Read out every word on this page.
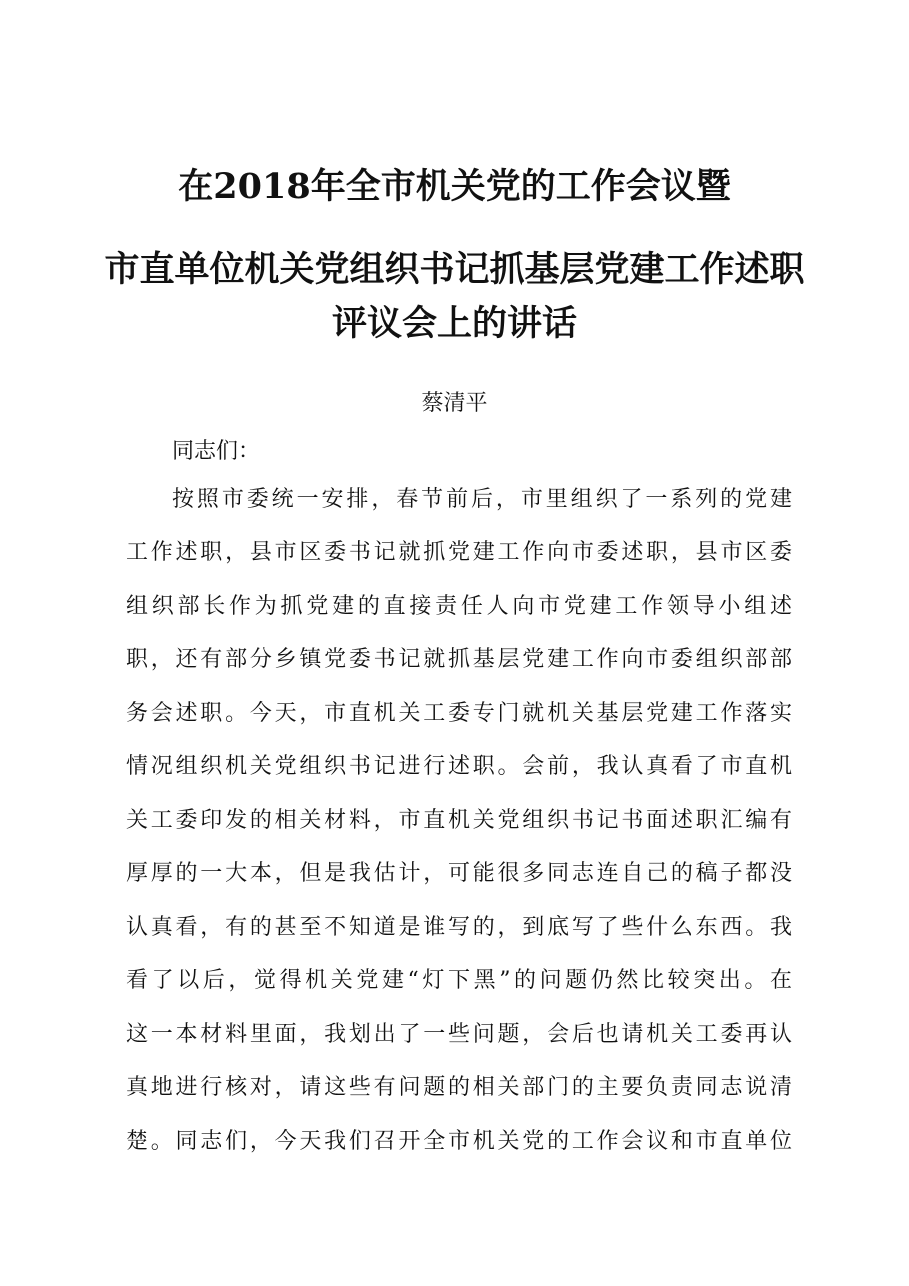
在2018年全市机关党的工作会议暨
市直单位机关党组织书记抓基层党建工作述职
评议会上的讲话
蔡清平
同志们：
按照市委统一安排，春节前后，市里组织了一系列的党建
工作述职，县市区委书记就抓党建工作向市委述职，县市区委
组织部长作为抓党建的直接责任人向市党建工作领导小组述
职，还有部分乡镇党委书记就抓基层党建工作向市委组织部部
务会述职。今天，市直机关工委专门就机关基层党建工作落实
情况组织机关党组织书记进行述职。会前，我认真看了市直机
关工委印发的相关材料，市直机关党组织书记书面述职汇编有
厚厚的一大本，但是我估计，可能很多同志连自己的稿子都没
认真看，有的甚至不知道是谁写的，到底写了些什么东西。我
看了以后，觉得机关党建“灯下黑”的问题仍然比较突出。在
这一本材料里面，我划出了一些问题，会后也请机关工委再认
真地进行核对，请这些有问题的相关部门的主要负责同志说清
楚。同志们，今天我们召开全市机关党的工作会议和市直单位
